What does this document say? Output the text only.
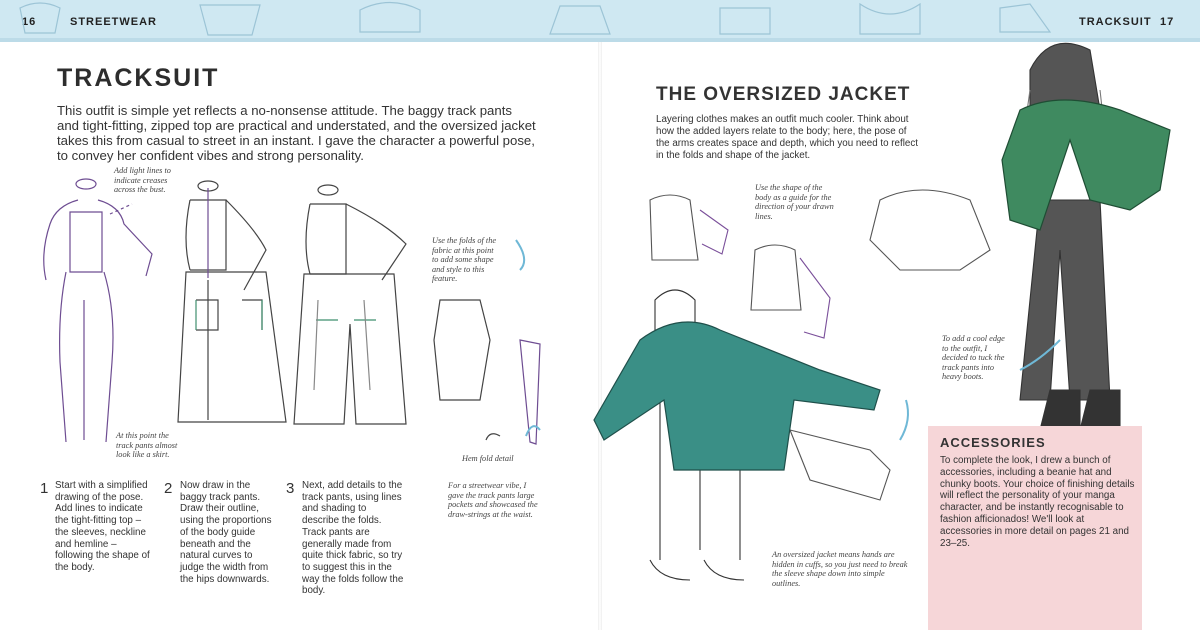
16	STREETWEAR	TRACKSUIT 17
TRACKSUIT
This outfit is simple yet reflects a no-nonsense attitude. The baggy track pants and tight-fitting, zipped top are practical and understated, and the oversized jacket takes this from casual to street in an instant. I gave the character a powerful pose, to convey her confident vibes and strong personality.
Add light lines to indicate creases across the bust.
At this point the track pants almost look like a skirt.
Use the folds of the fabric at this point to add some shape and style to this feature.
Hem fold detail
For a streetwear vibe, I gave the track pants large pockets and showcased the draw-strings at the waist.
1 Start with a simplified drawing of the pose. Add lines to indicate the tight-fitting top – the sleeves, neckline and hemline – following the shape of the body.
2 Now draw in the baggy track pants. Draw their outline, using the proportions of the body guide beneath and the natural curves to judge the width from the hips downwards.
3 Next, add details to the track pants, using lines and shading to describe the folds. Track pants are generally made from quite thick fabric, so try to suggest this in the way the folds follow the body.
THE OVERSIZED JACKET
Layering clothes makes an outfit much cooler. Think about how the added layers relate to the body; here, the pose of the arms creates space and depth, which you need to reflect in the folds and shape of the jacket.
Use the shape of the body as a guide for the direction of your drawn lines.
To add a cool edge to the outfit, I decided to tuck the track pants into heavy boots.
An oversized jacket means hands are hidden in cuffs, so you just need to break the sleeve shape down into simple outlines.
ACCESSORIES
To complete the look, I drew a bunch of accessories, including a beanie hat and chunky boots. Your choice of finishing details will reflect the personality of your manga character, and be instantly recognisable to fashion afficionados! We'll look at accessories in more detail on pages 21 and 23–25.
